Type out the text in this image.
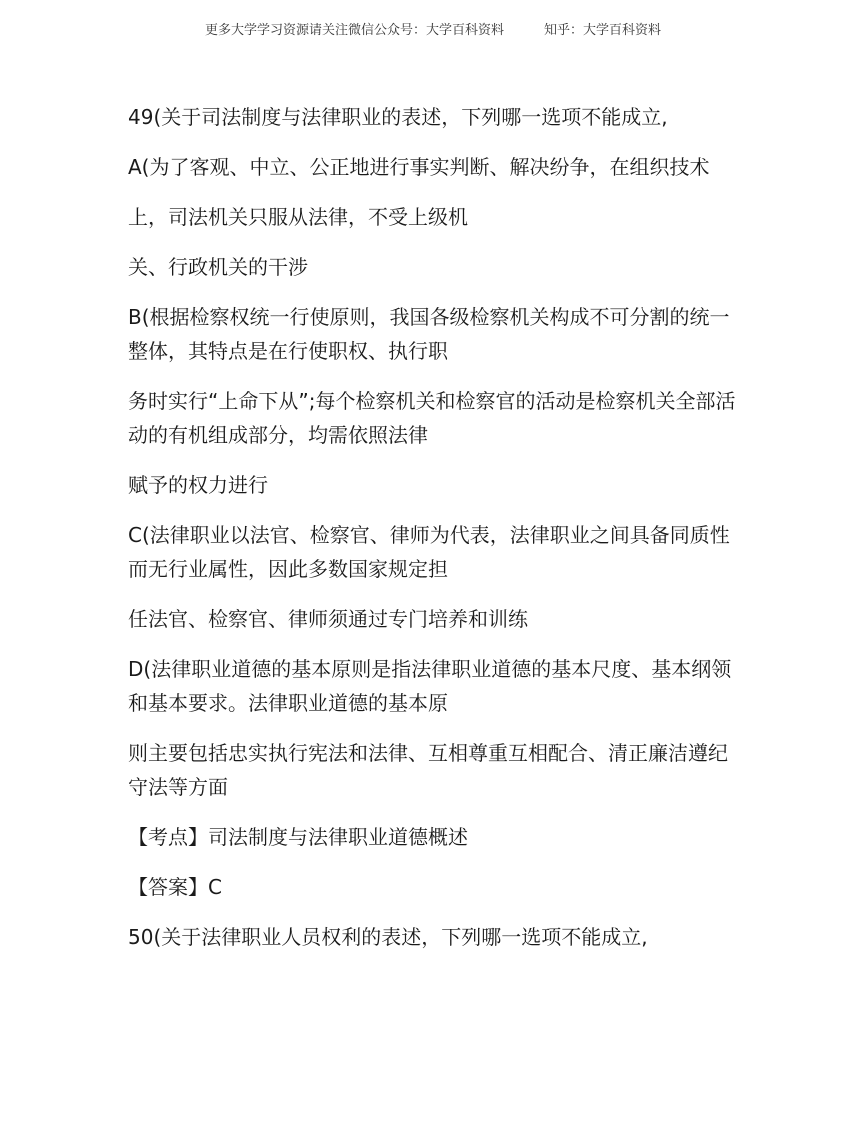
更多大学学习资源请关注微信公众号：大学百科资料	知乎：大学百科资料

49(关于司法制度与法律职业的表述，下列哪一选项不能成立,

A(为了客观、中立、公正地进行事实判断、解决纷争，在组织技术

上，司法机关只服从法律，不受上级机

关、行政机关的干涉

B(根据检察权统一行使原则，我国各级检察机关构成不可分割的统一整体，其特点是在行使职权、执行职

务时实行“上命下从”;每个检察机关和检察官的活动是检察机关全部活动的有机组成部分，均需依照法律

赋予的权力进行

C(法律职业以法官、检察官、律师为代表，法律职业之间具备同质性而无行业属性，因此多数国家规定担

任法官、检察官、律师须通过专门培养和训练

D(法律职业道德的基本原则是指法律职业道德的基本尺度、基本纲领和基本要求。法律职业道德的基本原

则主要包括忠实执行宪法和法律、互相尊重互相配合、清正廉洁遵纪守法等方面

【考点】司法制度与法律职业道德概述

【答案】C

50(关于法律职业人员权利的表述，下列哪一选项不能成立,
